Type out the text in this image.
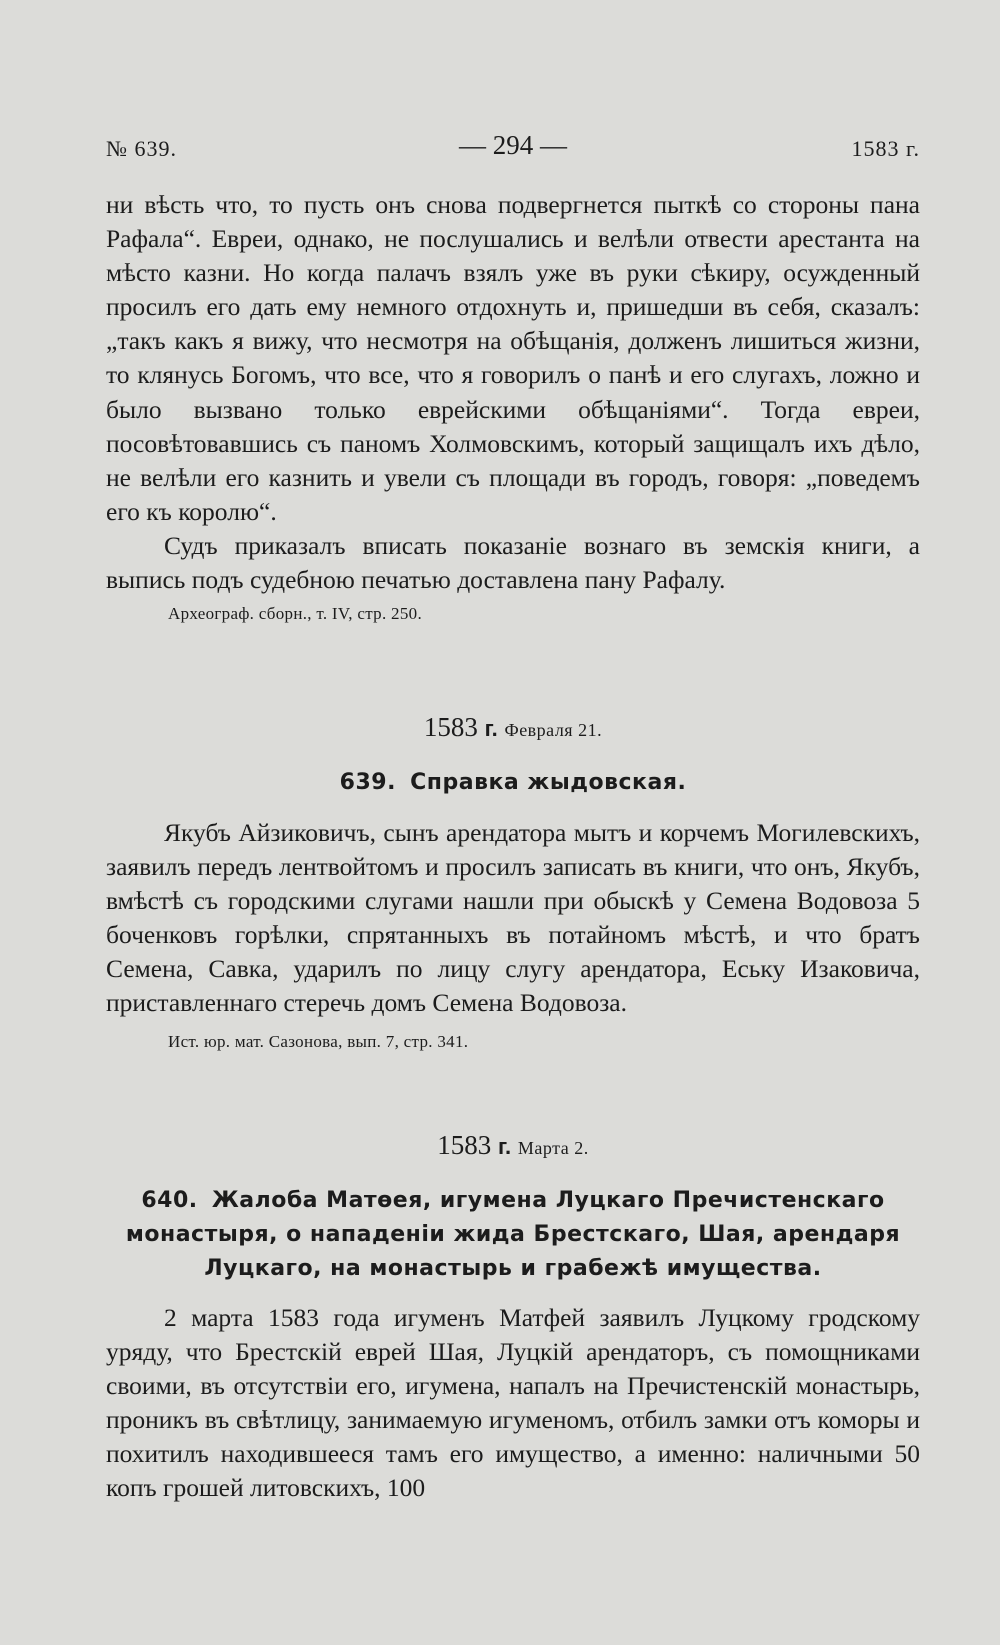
№ 639.	— 294 —	1583 г.

ни вѣсть что, то пусть онъ снова подвергнется пыткѣ со стороны пана Рафала“. Евреи, однако, не послушались и велѣли отвести арестанта на мѣсто казни. Но когда палачъ взялъ уже въ руки сѣкиру, осужденный просилъ его дать ему немного отдохнуть и, пришедши въ себя, сказалъ: „такъ какъ я вижу, что несмотря на обѣщанія, долженъ лишиться жизни, то клянусь Богомъ, что все, что я говорилъ о панѣ и его слугахъ, ложно и было вызвано только еврейскими обѣщаніями“. Тогда евреи, посовѣтовавшись съ паномъ Холмовскимъ, который защищалъ ихъ дѣло, не велѣли его казнить и увели съ площади въ городъ, говоря: „поведемъ его къ королю“.

Судъ приказалъ вписать показаніе вознаго въ земскія книги, а выпись подъ судебною печатью доставлена пану Рафалу.

Археограф. сборн., т. IV, стр. 250.

1583 г. Февраля 21.
639. Справка жыдовская.

Якубъ Айзиковичъ, сынъ арендатора мытъ и корчемъ Могилевскихъ, заявилъ передъ лентвойтомъ и просилъ записать въ книги, что онъ, Якубъ, вмѣстѣ съ городскими слугами нашли при обыскѣ у Семена Водовоза 5 боченковъ горѣлки, спрятанныхъ въ потайномъ мѣстѣ, и что братъ Семена, Савка, ударилъ по лицу слугу арендатора, Еську Изаковича, приставленнаго стеречь домъ Семена Водовоза.

Ист. юр. мат. Сазонова, вып. 7, стр. 341.

1583 г. Марта 2.
640. Жалоба Матѳея, игумена Луцкаго Пречистенскаго монастыря, о нападеніи жида Брестскаго, Шая, арендаря Луцкаго, на монастырь и грабежѣ имущества.

2 марта 1583 года игуменъ Матфей заявилъ Луцкому гродскому уряду, что Брестскій еврей Шая, Луцкій арендаторъ, съ помощниками своими, въ отсутствіи его, игумена, напалъ на Пречистенскій монастырь, проникъ въ свѣтлицу, занимаемую игуменомъ, отбилъ замки отъ коморы и похитилъ находившееся тамъ его имущество, а именно: наличными 50 копъ грошей литовскихъ, 100
